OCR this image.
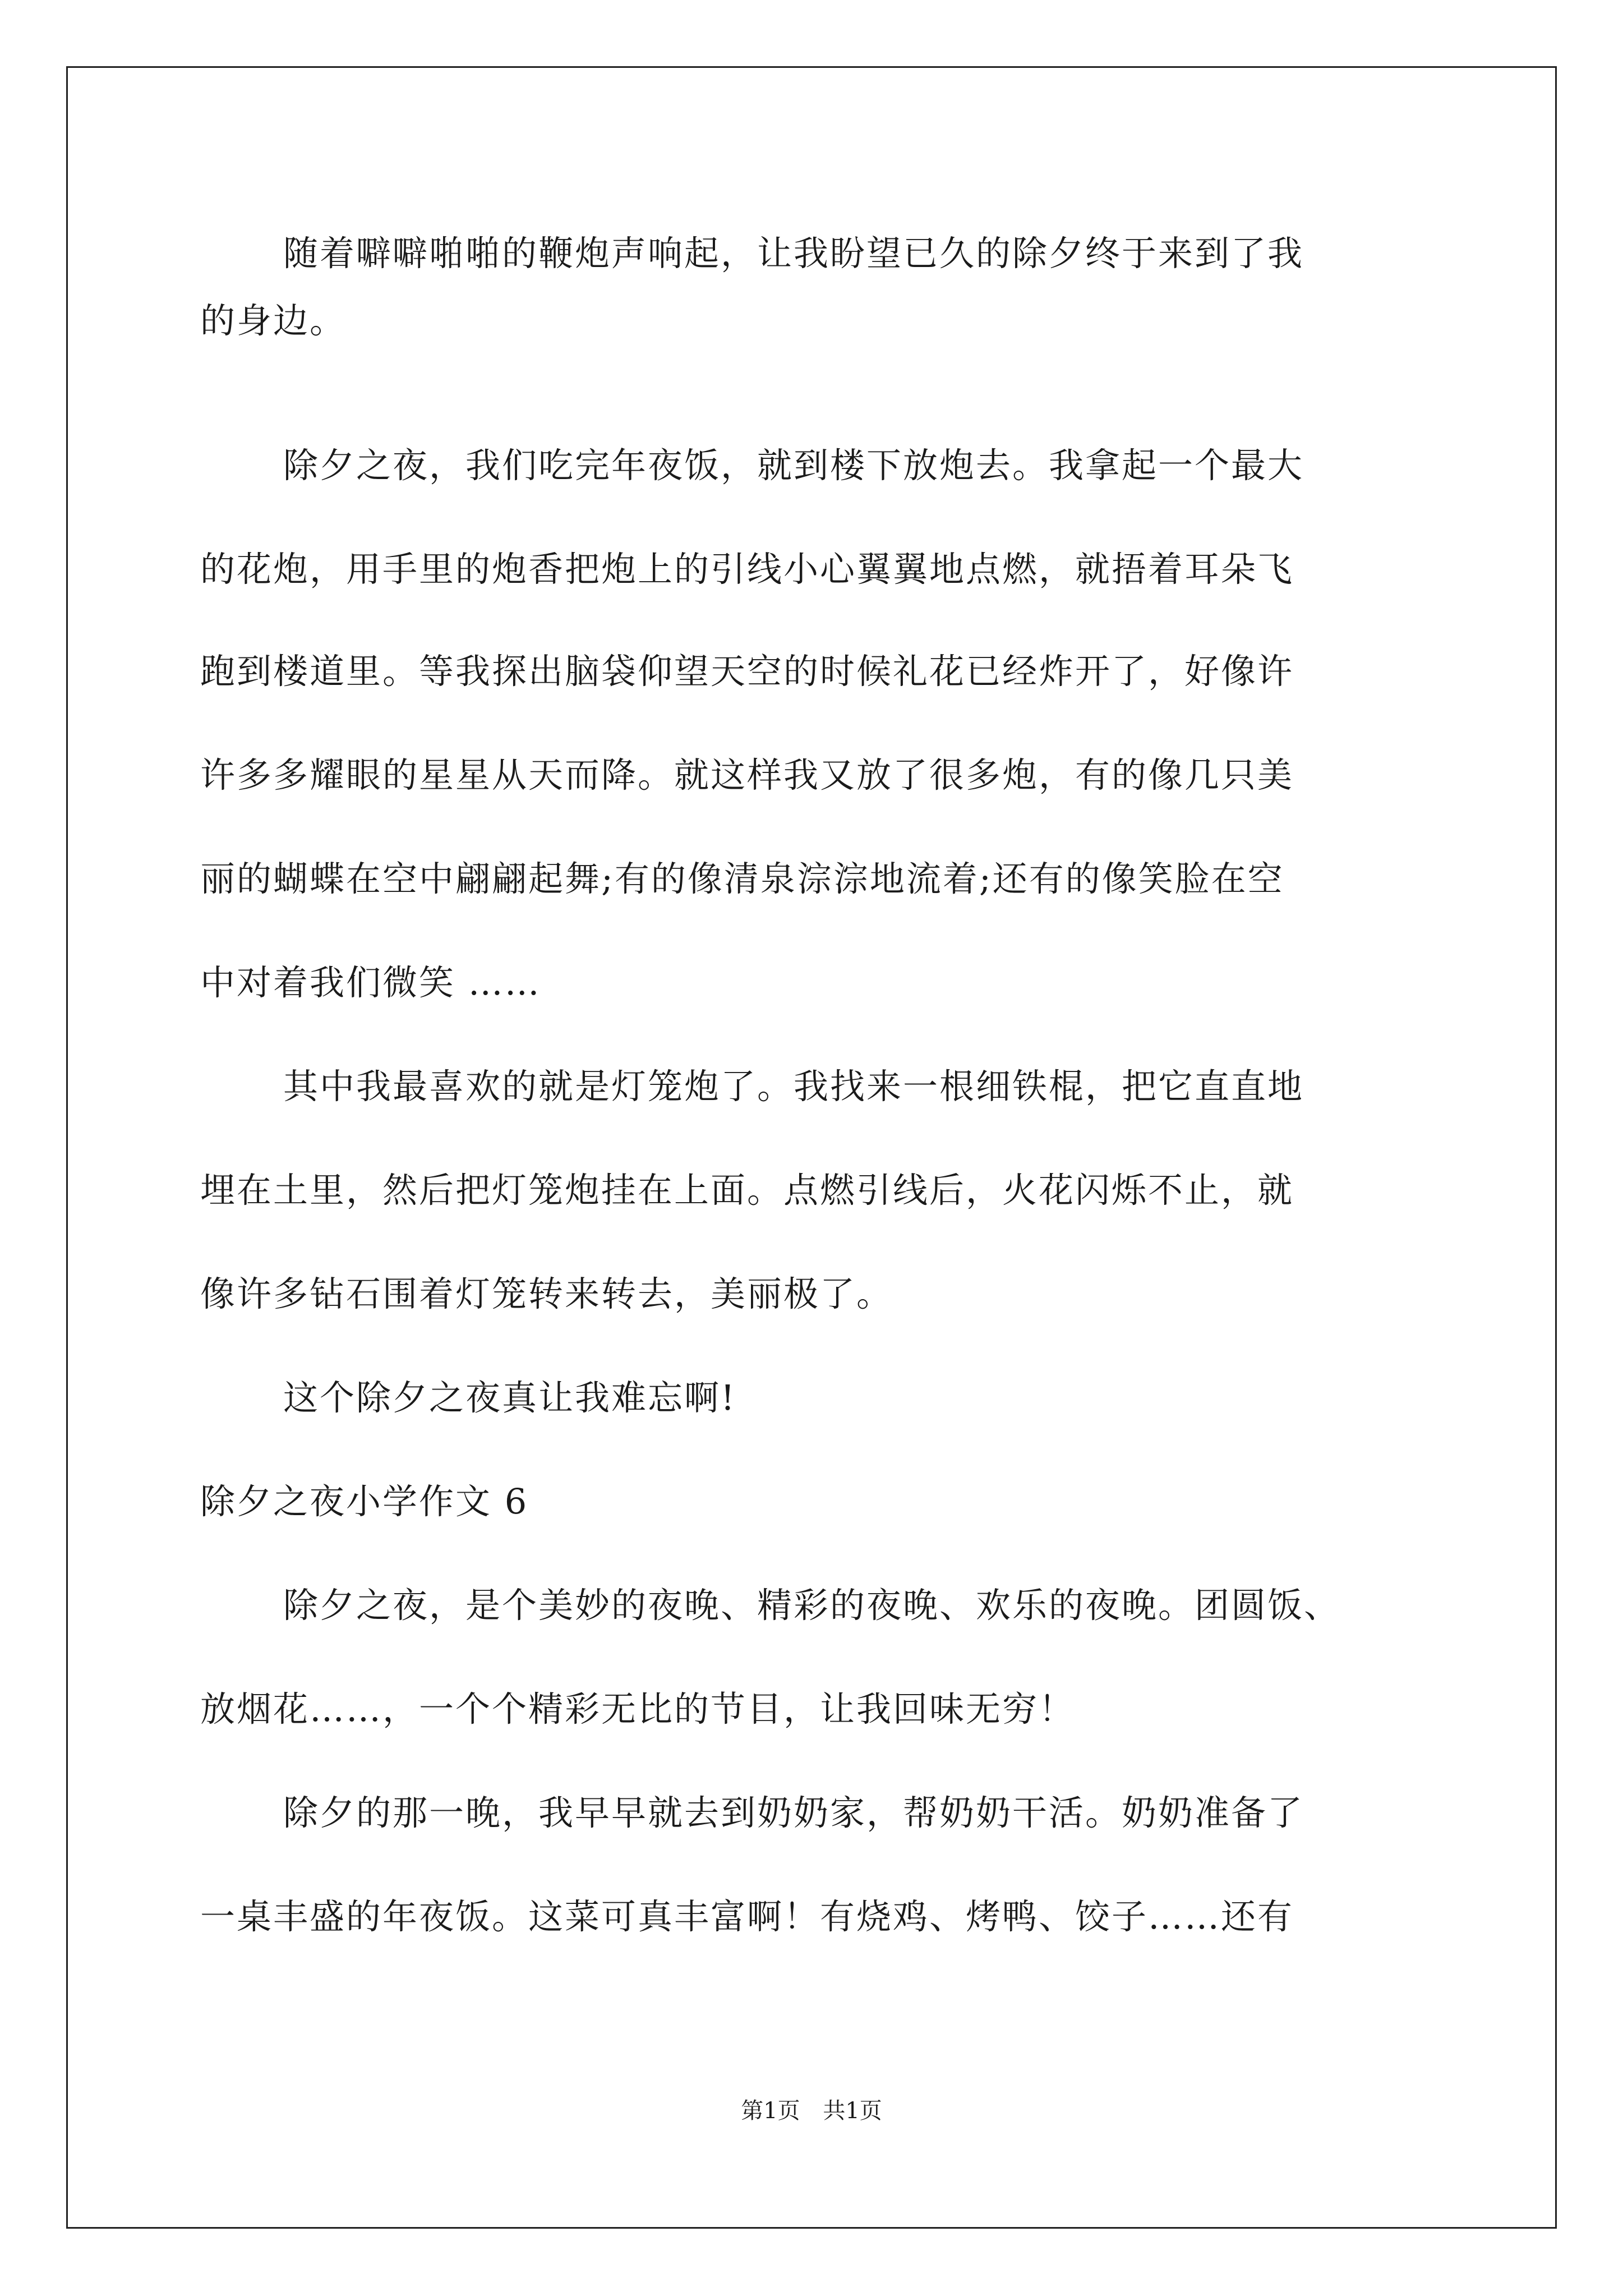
随着噼噼啪啪的鞭炮声响起，让我盼望已久的除夕终于来到了我

的身边。

除夕之夜，我们吃完年夜饭，就到楼下放炮去。我拿起一个最大

的花炮，用手里的炮香把炮上的引线小心翼翼地点燃，就捂着耳朵飞

跑到楼道里。等我探出脑袋仰望天空的时候礼花已经炸开了，好像许

许多多耀眼的星星从天而降。就这样我又放了很多炮，有的像几只美

丽的蝴蝶在空中翩翩起舞;有的像清泉淙淙地流着;还有的像笑脸在空

中对着我们微笑 ……

其中我最喜欢的就是灯笼炮了。我找来一根细铁棍，把它直直地

埋在土里，然后把灯笼炮挂在上面。点燃引线后，火花闪烁不止，就

像许多钻石围着灯笼转来转去，美丽极了。

这个除夕之夜真让我难忘啊!

除夕之夜小学作文 6

除夕之夜，是个美妙的夜晚、精彩的夜晚、欢乐的夜晚。团圆饭、

放烟花……，一个个精彩无比的节目，让我回味无穷！

除夕的那一晚，我早早就去到奶奶家，帮奶奶干活。奶奶准备了

一桌丰盛的年夜饭。这菜可真丰富啊！有烧鸡、烤鸭、饺子……还有

第1页 共1页
